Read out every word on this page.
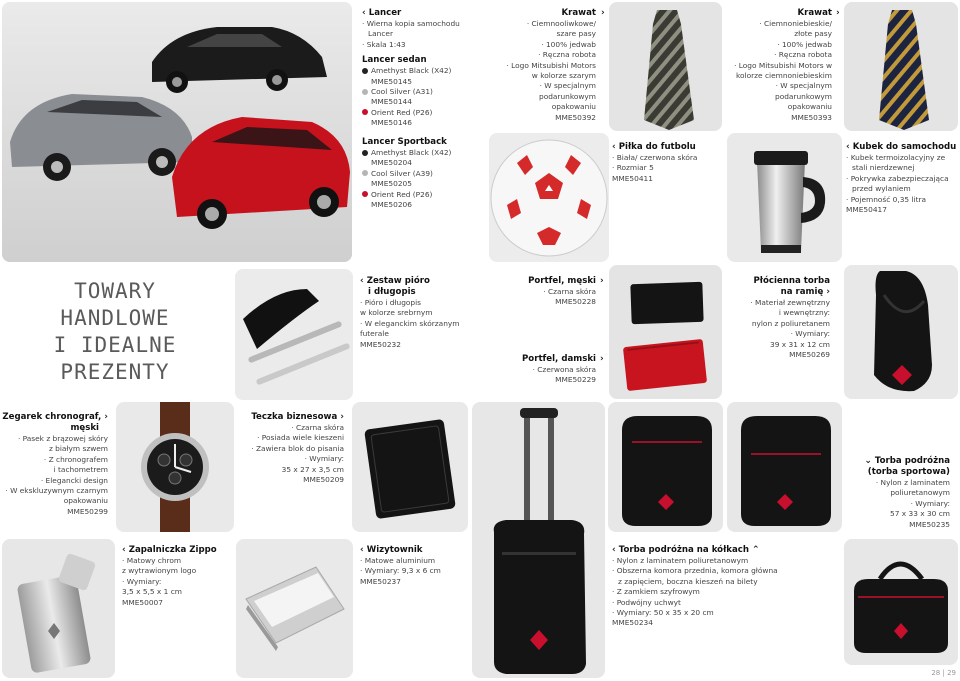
‹ Lancer
· Wierna kopia samochodu
Lancer
· Skala 1:43
Lancer sedan
Amethyst Black (X42)
MME50145
Cool Silver (A31)
MME50144
Orient Red (P26)
MME50146
Krawat
· Ciemnooliwkowe/
szare pasy
· 100% jedwab
· Ręczna robota
· Logo Mitsubishi Motors
w kolorze szarym
· W specjalnym
podarunkowym
opakowaniu
MME50392
›	Krawat
· Ciemnoniebieskie/
złote pasy
· 100% jedwab
· Ręczna robota
· Logo Mitsubishi Motors w
kolorze ciemnoniebieskim
· W specjalnym
podarunkowym
opakowaniu
MME50393
›
Lancer Sportback
Amethyst Black (X42)
MME50204
Cool Silver (A39)
MME50205
Orient Red (P26)
MME50206
‹ Piłka do futbolu
· Biała/ czerwona skóra
· Rozmiar 5
MME50411
‹ Kubek do samochodu
· Kubek termoizolacyjny ze
stali nierdzewnej
· Pokrywka zabezpieczająca
przed wylaniem
· Pojemność 0,35 litra
MME50417
TOWARY
HANDLOWE
I IDEALNE
PREZENTY
‹ Zestaw pióro
i długopis
· Pióro i długopis
w kolorze srebrnym
· W eleganckim skórzanym
futerale
MME50232
Portfel, męski
· Czarna skóra
MME50228
›
Portfel, damski
· Czerwona skóra
MME50229
›
Płócienna torba
na ramię ›
· Materiał zewnętrzny
i wewnętrzny:
nylon z poliuretanem
· Wymiary:
39 x 31 x 12 cm
MME50269
Zegarek chronograf, ›
męski
· Pasek z brązowej skóry
z białym szwem
· Z chronografem
i tachometrem
· Elegancki design
· W ekskluzywnym czarnym
opakowaniu
MME50299
Teczka biznesowa ›
· Czarna skóra
· Posiada wiele kieszeni
· Zawiera blok do pisania
· Wymiary:
35 x 27 x 3,5 cm
MME50209
⌄ Torba podróżna
(torba sportowa)
· Nylon z laminatem
poliuretanowym
· Wymiary:
57 x 33 x 30 cm
MME50235
‹ Zapalniczka Zippo
· Matowy chrom
z wytrawionym logo
· Wymiary:
3,5 x 5,5 x 1 cm
MME50007
‹ Wizytownik
· Matowe aluminium
· Wymiary: 9,3 x 6 cm
MME50237
‹ Torba podróżna na kółkach ⌃
· Nylon z laminatem poliuretanowym
· Obszerna komora przednia, komora główna
z zapięciem, boczna kieszeń na bilety
· Z zamkiem szyfrowym
· Podwójny uchwyt
· Wymiary: 50 x 35 x 20 cm
MME50234
28 | 29
